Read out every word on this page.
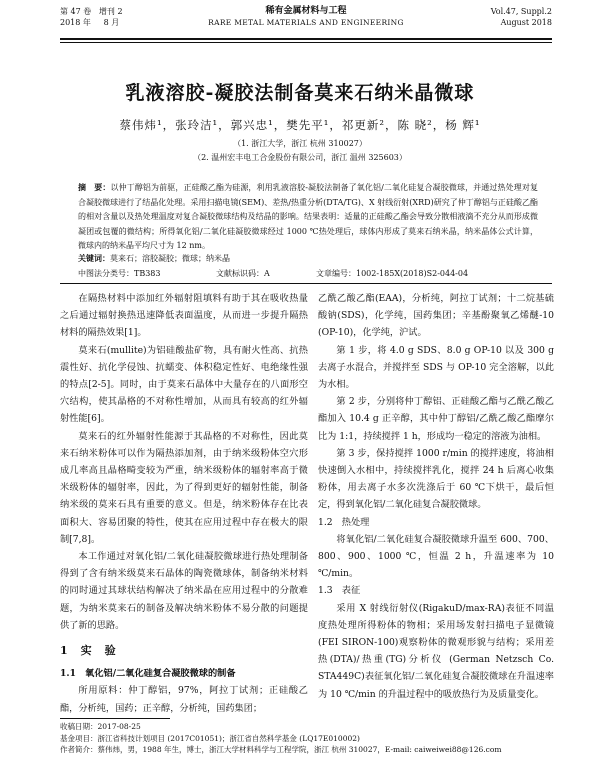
第 47 卷 增刊 2
2018 年 8 月
稀有金属材料与工程
RARE METAL MATERIALS AND ENGINEERING
Vol.47, Suppl.2
August 2018
乳液溶胶-凝胶法制备莫来石纳米晶微球
蔡伟炜¹，张玲洁¹，郭兴忠¹，樊先平¹，祁更新²，陈 晓²，杨 辉¹
（1. 浙江大学，浙江 杭州 310027）
（2. 温州宏丰电工合金股份有限公司，浙江 温州 325603）
摘　要：以仲丁醇铝为前驱，正硅酸乙酯为硅源，利用乳液溶胶-凝胶法制备了氧化铝/二氧化硅复合凝胶微球，并通过热处理对复合凝胶微球进行了结晶化处理。采用扫描电镜(SEM)、差热/热重分析(DTA/TG)、X 射线衍射(XRD)研究了仲丁醇铝与正硅酸乙酯的相对含量以及热处理温度对复合凝胶微球结构及结晶的影响。结果表明：适量的正硅酸乙酯会导致分散相液滴不充分从而形成微凝团或包覆的微结构；所得氧化铝/二氧化硅凝胶微球经过 1000 ℃热处理后，球体内形成了莫来石纳米晶，纳米晶体公式计算，微球内的纳米晶平均尺寸为 12 nm。
关键词：莫来石；溶胶凝胶；微球；纳米晶
中图法分类号：TB383	文献标识码：A	文章编号：1002-185X(2018)S2-044-04

在隔热材料中添加红外辐射阻填料有助于其在吸收热量之后通过辐射换热迅速降低表面温度，从而进一步提升隔热材料的隔热效果[1]。

莫来石(mullite)为铝硅酸盐矿物，具有耐火性高、抗热震性好、抗化学侵蚀、抗蠕变、体积稳定性好、电绝缘性强的特点[2-5]。同时，由于莫来石晶体中大量存在的八面形空穴结构，使其晶格的不对称性增加，从而具有较高的红外辐射性能[6]。

莫来石的红外辐射性能源于其晶格的不对称性，因此莫来石纳米粉体可以作为隔热添加剂，由于纳米级粉体空穴形成几率高且晶格畸变较为严重，纳米级粉体的辐射率高于微米级粉体的辐射率，因此，为了得到更好的辐射性能，制备纳米级的莫来石具有重要的意义。但是，纳米粉体存在比表面积大、容易团聚的特性，使其在应用过程中存在极大的限制[7,8]。

本工作通过对氧化铝/二氧化硅凝胶微球进行热处理制备得到了含有纳米级莫来石晶体的陶瓷微球体，制备纳米材料的同时通过其球状结构解决了纳米晶在应用过程中的分散难题，为纳米莫来石的制备及解决纳米粉体不易分散的问题提供了新的思路。

1　实　验

1.1　氧化铝/二氧化硅复合凝胶微球的制备

所用原料：仲丁醇铝，97%，阿拉丁试剂；正硅酸乙酯，分析纯，国药；正辛醇，分析纯，国药集团；

乙酰乙酸乙酯(EAA)，分析纯，阿拉丁试剂；十二烷基硫酸钠(SDS)，化学纯，国药集团；辛基酚聚氧乙烯醚-10 (OP-10)，化学纯，沪试。

第 1 步，将 4.0 g SDS、8.0 g OP-10 以及 300 g 去离子水混合，并搅拌至 SDS 与 OP-10 完全溶解，以此为水相。

第 2 步，分别将仲丁醇铝、正硅酸乙酯与乙酰乙酸乙酯加入 10.4 g 正辛醇，其中仲丁醇铝/乙酰乙酸乙酯摩尔比为 1:1，持续搅拌 1 h，形成均一稳定的溶液为油相。

第 3 步，保持搅拌 1000 r/min 的搅拌速度，将油相快速倒入水相中，持续搅拌乳化，搅拌 24 h 后离心收集粉体，用去离子水多次洗涤后于 60 ℃下烘干，最后恒定，得到氧化铝/二氧化硅复合凝胶微球。

1.2　热处理

将氧化铝/二氧化硅复合凝胶微球升温至 600、700、800、900、1000 ℃，恒温 2 h，升温速率为 10 ℃/min。

1.3　表征

采用 X 射线衍射仪(RigakuD/max-RA)表征不同温度热处理所得粉体的物相；采用场发射扫描电子显微镜(FEI SIRON-100)观察粉体的微观形貌与结构；采用差热(DTA)/热重(TG)分析仪 (German Netzsch Co. STA449C)表征氧化铝/二氧化硅复合凝胶微球在升温速率为 10 ℃/min 的升温过程中的吸放热行为及质量变化。

收稿日期：2017-08-25
基金项目：浙江省科技计划项目 (2017C01051)；浙江省自然科学基金 (LQ17E010002)
作者简介：蔡伟炜，男，1988 年生，博士，浙江大学材料科学与工程学院，浙江 杭州 310027，E-mail: caiweiwei88@126.com
